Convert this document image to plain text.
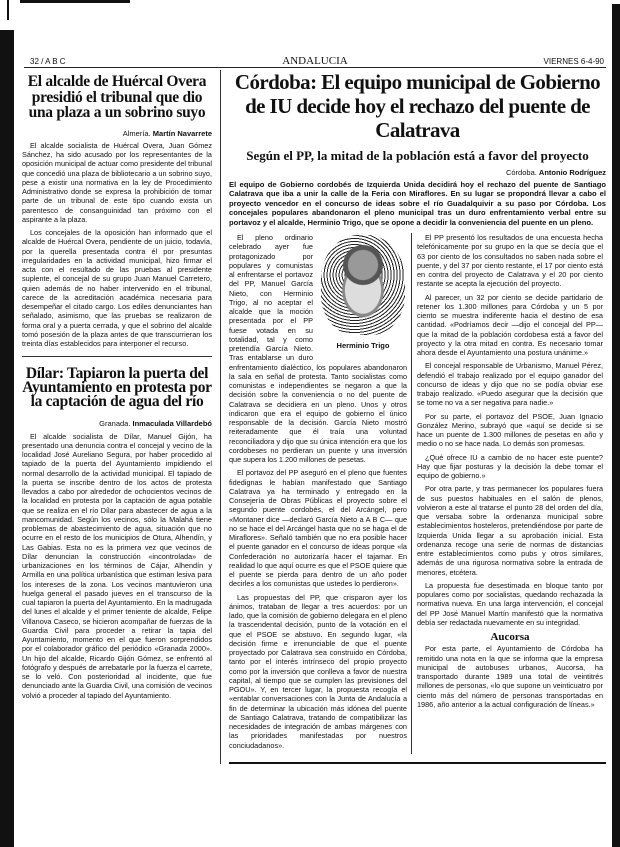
32 / A B C	ANDALUCIA	VIERNES 6-4-90
El alcalde de Huércal Overa presidió el tribunal que dio una plaza a un sobrino suyo
Almería. Martín Navarrete

El alcalde socialista de Huércal Overa, Juan Gómez Sánchez, ha sido acusado por los representantes de la oposición municipal de actuar como presidente del tribunal que concedió una plaza de bibliotecario a un sobrino suyo, pese a existir una normativa en la ley de Procedimiento Administrativo donde se expresa la prohibición de tomar parte de un tribunal de este tipo cuando exista un parentesco de consanguinidad tan próximo con el aspirante a la plaza.

Los concejales de la oposición han informado que el alcalde de Huércal Overa, pendiente de un juicio, todavía, por la querella presentada contra él por presuntas irregularidades en la actividad municipal, hizo firmar el acta con el resultado de las pruebas al presidente suplente, el concejal de su grupo Juan Manuel Carretero, quien además de no haber intervenido en el tribunal, carece de la acreditación académica necesaria para desempeñar el citado cargo. Los ediles denunciantes han señalado, asimismo, que las pruebas se realizaron de forma oral y a puerta cerrada, y que el sobrino del alcalde tomó posesión de la plaza antes de que transcurrieran los treinta días establecidos para interponer el recurso.

Dílar: Tapiaron la puerta del Ayuntamiento en protesta por la captación de agua del río
Granada. Inmaculada Villardebó

El alcalde socialista de Dílar, Manuel Gijón, ha presentado una denuncia contra el concejal y vecino de la localidad José Aureliano Segura, por haber procedido al tapiado de la puerta del Ayuntamiento impidiendo el normal desarrollo de la actividad municipal. El tapiado de la puerta se inscribe dentro de los actos de protesta llevados a cabo por alrededor de ochocientos vecinos de la localidad en protesta por la captación de agua potable que se realiza en el río Dílar para abastecer de agua a la mancomunidad. Según los vecinos, sólo la Malahá tiene problemas de abastecimiento de agua, situación que no ocurre en el resto de los municipios de Otura, Alhendín, y Las Gabias. Esta no es la primera vez que vecinos de Dílar denuncian la construcción «incontrolada» de urbanizaciones en los términos de Cájar, Alhendín y Armilla en una política urbanística que estiman lesiva para los intereses de la zona. Los vecinos mantuvieron una huelga general el pasado jueves en el transcurso de la cual tapiaron la puerta del Ayuntamiento. En la madrugada del lunes el alcalde y el primer teniente de alcalde, Felipe Villanova Caseco, se hicieron acompañar de fuerzas de la Guardia Civil para proceder a retirar la tapia del Ayuntamiento, momento en el que fueron sorprendidos por el colaborador gráfico del periódico «Granada 2000». Un hijo del alcalde, Ricardo Gijón Gómez, se enfrentó al fotógrafo y después de arrebatarle por la fuerza el carrete, se lo veló. Con posterioridad al incidente, que fue denunciado ante la Guardia Civil, una comisión de vecinos volvió a proceder al tapiado del Ayuntamiento.

Córdoba: El equipo municipal de Gobierno de IU decide hoy el rechazo del puente de Calatrava
Según el PP, la mitad de la población está a favor del proyecto
Córdoba. Antonio Rodríguez
El equipo de Gobierno cordobés de Izquierda Unida decidirá hoy el rechazo del puente de Santiago Calatrava que iba a unir la calle de la Feria con Miraflores. En su lugar se propondrá llevar a cabo el proyecto vencedor en el concurso de ideas sobre el río Guadalquivir a su paso por Córdoba. Los concejales populares abandonaron el pleno municipal tras un duro enfrentamiento verbal entre su portavoz y el alcalde, Herminio Trigo, que se opone a decidir la conveniencia del puente en un pleno.
Herminio Trigo

El pleno ordinario celebrado ayer fue protagonizado por populares y comunistas al enfrentarse el portavoz del PP, Manuel García Nieto, con Herminio Trigo, al no aceptar el alcalde que la moción presentada por el PP fuese votada en su totalidad, tal y como pretendía García Nieto. Tras entablarse un duro enfrentamiento dialéctico, los populares abandonaron la sala en señal de protesta. Tanto socialistas como comunistas e independientes se negaron a que la decisión sobre la conveniencia o no del puente de Calatrava se decidiera en un pleno. Unos y otros indicaron que era el equipo de gobierno el único responsable de la decisión. García Nieto mostró reiteradamente que él traía una voluntad reconciliadora y dijo que su única intención era que los cordobeses no perdieran un puente y una inversión que supera los 1.200 millones de pesetas.

El portavoz del PP aseguró en el pleno que fuentes fidedignas le habían manifestado que Santiago Calatrava ya ha terminado y entregado en la Consejería de Obras Públicas el proyecto sobre el segundo puente cordobés, el del Arcángel, pero «Montaner dice —declaró García Nieto a A B C— que no se hace el del Arcángel hasta que no se haga el de Miraflores». Señaló también que no era posible hacer el puente ganador en el concurso de ideas porque «la Confederación no autorizaría hacer el tajamar. En realidad lo que aquí ocurre es que el PSOE quiere que el puente se pierda para dentro de un año poder decirles a los comunistas que ustedes lo perdieron».

Las propuestas del PP, que crisparon ayer los ánimos, trataban de llegar a tres acuerdos: por un lado, que la comisión de gobierno delegara en el pleno la trascendental decisión, punto de la votación en el que el PSOE se abstuvo. En segundo lugar, «la decisión firme e irrenunciable de que el puente proyectado por Calatrava sea construido en Córdoba, tanto por el interés intrínseco del propio proyecto como por la inversión que conlleva a favor de nuestra capital, al tiempo que se cumplen las previsiones del PGOU». Y, en tercer lugar, la propuesta recogía el «entablar conversaciones con la Junta de Andalucía a fin de determinar la ubicación más idónea del puente de Santiago Calatrava, tratando de compatibilizar las necesidades de integración de ambas márgenes con las prioridades manifestadas por nuestros conciudadanos».

El PP presentó los resultados de una encuesta hecha telefónicamente por su grupo en la que se decía que el 63 por ciento de los consultados no saben nada sobre el puente, y del 37 por ciento restante, el 17 por ciento está en contra del proyecto de Calatrava y el 20 por ciento restante se acepta la ejecución del proyecto.

Al parecer, un 32 por ciento se decide partidario de retener los 1.300 millones para Córdoba y un 5 por ciento se muestra indiferente hacia el destino de esa cantidad. «Podríamos decir —dijo el concejal del PP— que la mitad de la población cordobesa está a favor del proyecto y la otra mitad en contra. Es necesario tomar ahora desde el Ayuntamiento una postura unánime.»

El concejal responsable de Urbanismo, Manuel Pérez, defendió el trabajo realizado por el equipo ganador del concurso de ideas y dijo que no se podía obviar ese trabajo realizado. «Puedo asegurar que la decisión que se tome no va a ser negativa para nadie.»

Por su parte, el portavoz del PSOE, Juan Ignacio González Merino, subrayó que «aquí se decide si se hace un puente de 1.300 millones de pesetas en año y medio o no se hace nada. Lo demás son promesas.

¿Qué ofrece IU a cambio de no hacer este puente? Hay que fijar posturas y la decisión la debe tomar el equipo de gobierno.»

Por otra parte, y tras permanecer los populares fuera de sus puestos habituales en el salón de plenos, volvieron a este al tratarse el punto 28 del orden del día, que versaba sobre la ordenanza municipal sobre establecimientos hosteleros, pretendiéndose por parte de Izquierda Unida llegar a su aprobación inicial. Esta ordenanza recoge una serie de normas de distancias entre establecimientos como pubs y otros similares, además de una rigurosa normativa sobre la entrada de menores, etcétera.

La propuesta fue desestimada en bloque tanto por populares como por socialistas, quedando rechazada la normativa nueva. En una larga intervención, el concejal del PP José Manuel Martín manifestó que la normativa debía ser redactada nuevamente en su integridad.

Aucorsa

Por esta parte, el Ayuntamiento de Córdoba ha remitido una nota en la que se informa que la empresa municipal de autobuses urbanos, Aucorsa, ha transportado durante 1989 una total de veintitrés millones de personas, «lo que supone un veinticuatro por ciento más del número de personas transportadas en 1986, año anterior a la actual configuración de líneas.»
